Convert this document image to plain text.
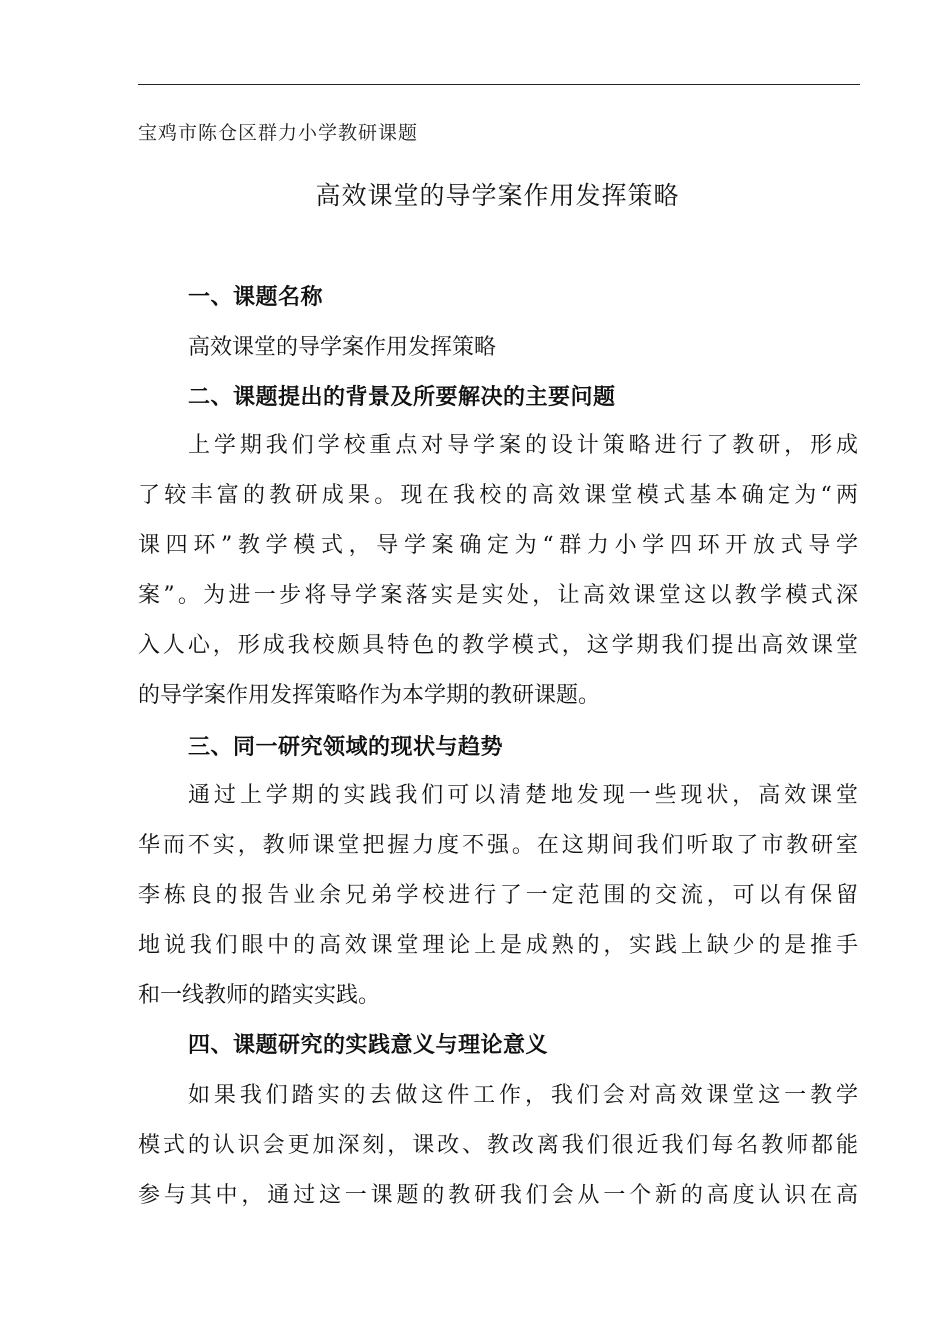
宝鸡市陈仓区群力小学教研课题
高效课堂的导学案作用发挥策略
一、课题名称
高效课堂的导学案作用发挥策略
二、课题提出的背景及所要解决的主要问题
上学期我们学校重点对导学案的设计策略进行了教研，形成
了较丰富的教研成果。现在我校的高效课堂模式基本确定为“两
课四环”教学模式，导学案确定为“群力小学四环开放式导学
案”。为进一步将导学案落实是实处，让高效课堂这以教学模式深
入人心，形成我校颇具特色的教学模式，这学期我们提出高效课堂
的导学案作用发挥策略作为本学期的教研课题。
三、同一研究领域的现状与趋势
通过上学期的实践我们可以清楚地发现一些现状，高效课堂
华而不实，教师课堂把握力度不强。在这期间我们听取了市教研室
李栋良的报告业余兄弟学校进行了一定范围的交流，可以有保留
地说我们眼中的高效课堂理论上是成熟的，实践上缺少的是推手
和一线教师的踏实实践。
四、课题研究的实践意义与理论意义
如果我们踏实的去做这件工作，我们会对高效课堂这一教学
模式的认识会更加深刻，课改、教改离我们很近我们每名教师都能
参与其中，通过这一课题的教研我们会从一个新的高度认识在高
